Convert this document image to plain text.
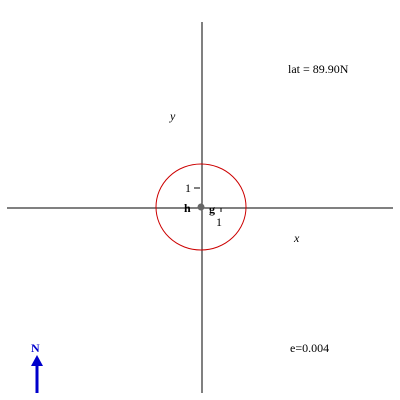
lat = 89.90N
y
x
1
1
h g
e=0.004
N
